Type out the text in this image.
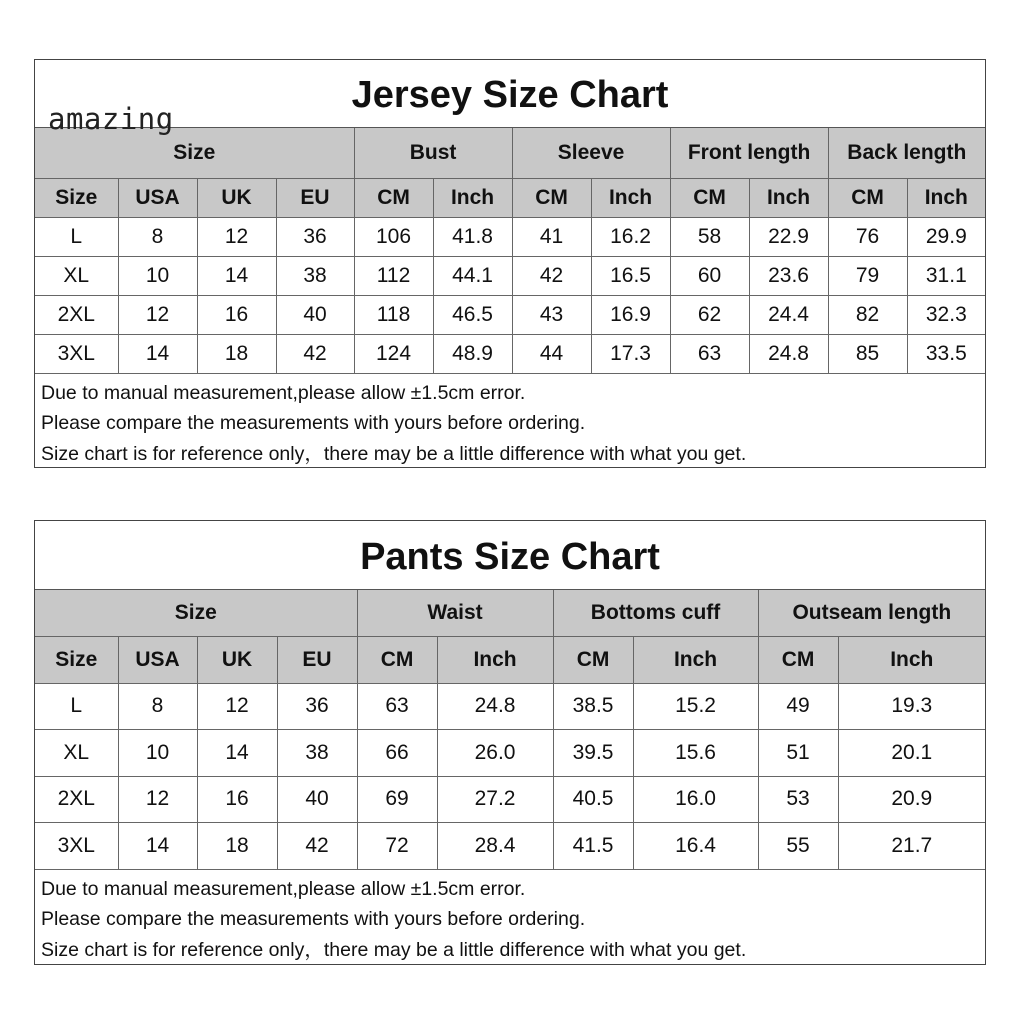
amazing
Jersey Size Chart
Size				Bust		Sleeve		Front length		Back length	
Size	USA	UK	EU	CM	Inch	CM	Inch	CM	Inch	CM	Inch
L	8	12	36	106	41.8	41	16.2	58	22.9	76	29.9
XL	10	14	38	112	44.1	42	16.5	60	23.6	79	31.1
2XL	12	16	40	118	46.5	43	16.9	62	24.4	82	32.3
3XL	14	18	42	124	48.9	44	17.3	63	24.8	85	33.5
Due to manual measurement,please allow ±1.5cm error.
Please compare the measurements with yours before ordering.
Size chart is for reference only，there may be a little difference with what you get.
Pants Size Chart
Size				Waist		Bottoms cuff		Outseam length	
Size	USA	UK	EU	CM	Inch	CM	Inch	CM	Inch
L	8	12	36	63	24.8	38.5	15.2	49	19.3
XL	10	14	38	66	26.0	39.5	15.6	51	20.1
2XL	12	16	40	69	27.2	40.5	16.0	53	20.9
3XL	14	18	42	72	28.4	41.5	16.4	55	21.7
Due to manual measurement,please allow ±1.5cm error.
Please compare the measurements with yours before ordering.
Size chart is for reference only，there may be a little difference with what you get.
